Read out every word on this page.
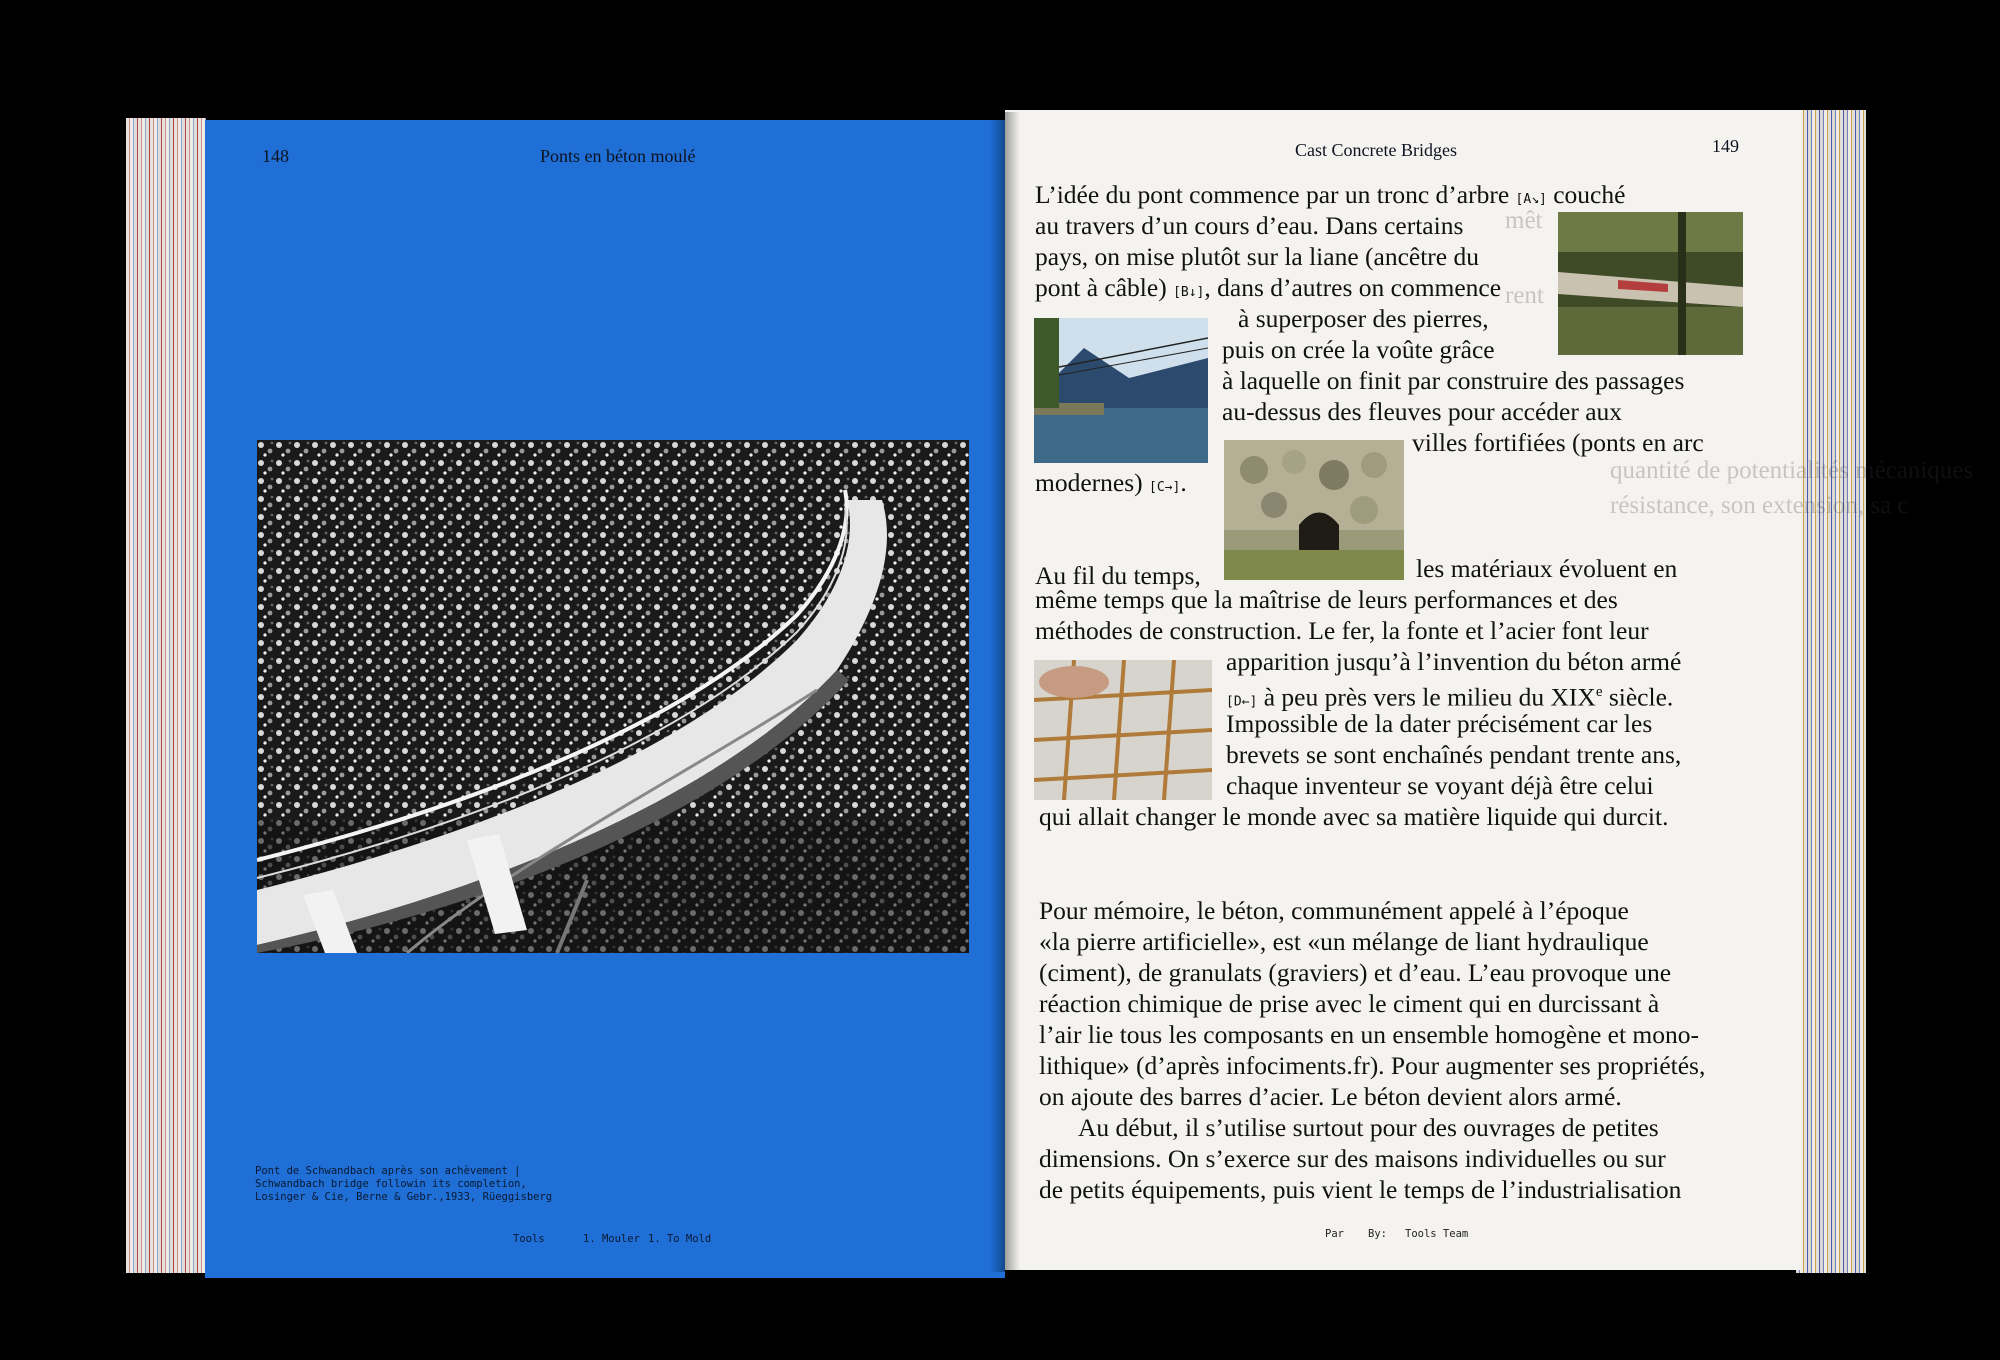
148	Ponts en béton moulé
Pont de Schwandbach après son achèvement |
Schwandbach bridge followin its completion,
Losinger & Cie, Berne & Gebr.,1933, Rüeggisberg
Tools	1. Mouler 1. To Mold
mêt
rent
quantité de potentialités mécaniques
résistance, son extension, sa c
149
Cast Concrete Bridges
L’idée du pont commence par un tronc d’arbre [A↘] couché
au travers d’un cours d’eau. Dans certains
pays, on mise plutôt sur la liane (ancêtre du
pont à câble) [B↓], dans d’autres on commence
à superposer des pierres,
puis on crée la voûte grâce
à laquelle on finit par construire des passages
au-dessus des fleuves pour accéder aux
villes fortifiées (ponts en arc
modernes) [C→].
Au fil du temps,	les matériaux évoluent en
même temps que la maîtrise de leurs performances et des
méthodes de construction. Le fer, la fonte et l’acier font leur
apparition jusqu’à l’invention du béton armé
[D←] à peu près vers le milieu du XIXe siècle.
Impossible de la dater précisément car les
brevets se sont enchaînés pendant trente ans,
chaque inventeur se voyant déjà être celui
qui allait changer le monde avec sa matière liquide qui durcit.
Pour mémoire, le béton, communément appelé à l’époque
«la pierre artificielle», est «un mélange de liant hydraulique
(ciment), de granulats (graviers) et d’eau. L’eau provoque une
réaction chimique de prise avec le ciment qui en durcissant à
l’air lie tous les composants en un ensemble homogène et mono-
lithique» (d’après infociments.fr). Pour augmenter ses propriétés,
on ajoute des barres d’acier. Le béton devient alors armé.
Au début, il s’utilise surtout pour des ouvrages de petites
dimensions. On s’exerce sur des maisons individuelles ou sur
de petits équipements, puis vient le temps de l’industrialisation
Par By: Tools Team
